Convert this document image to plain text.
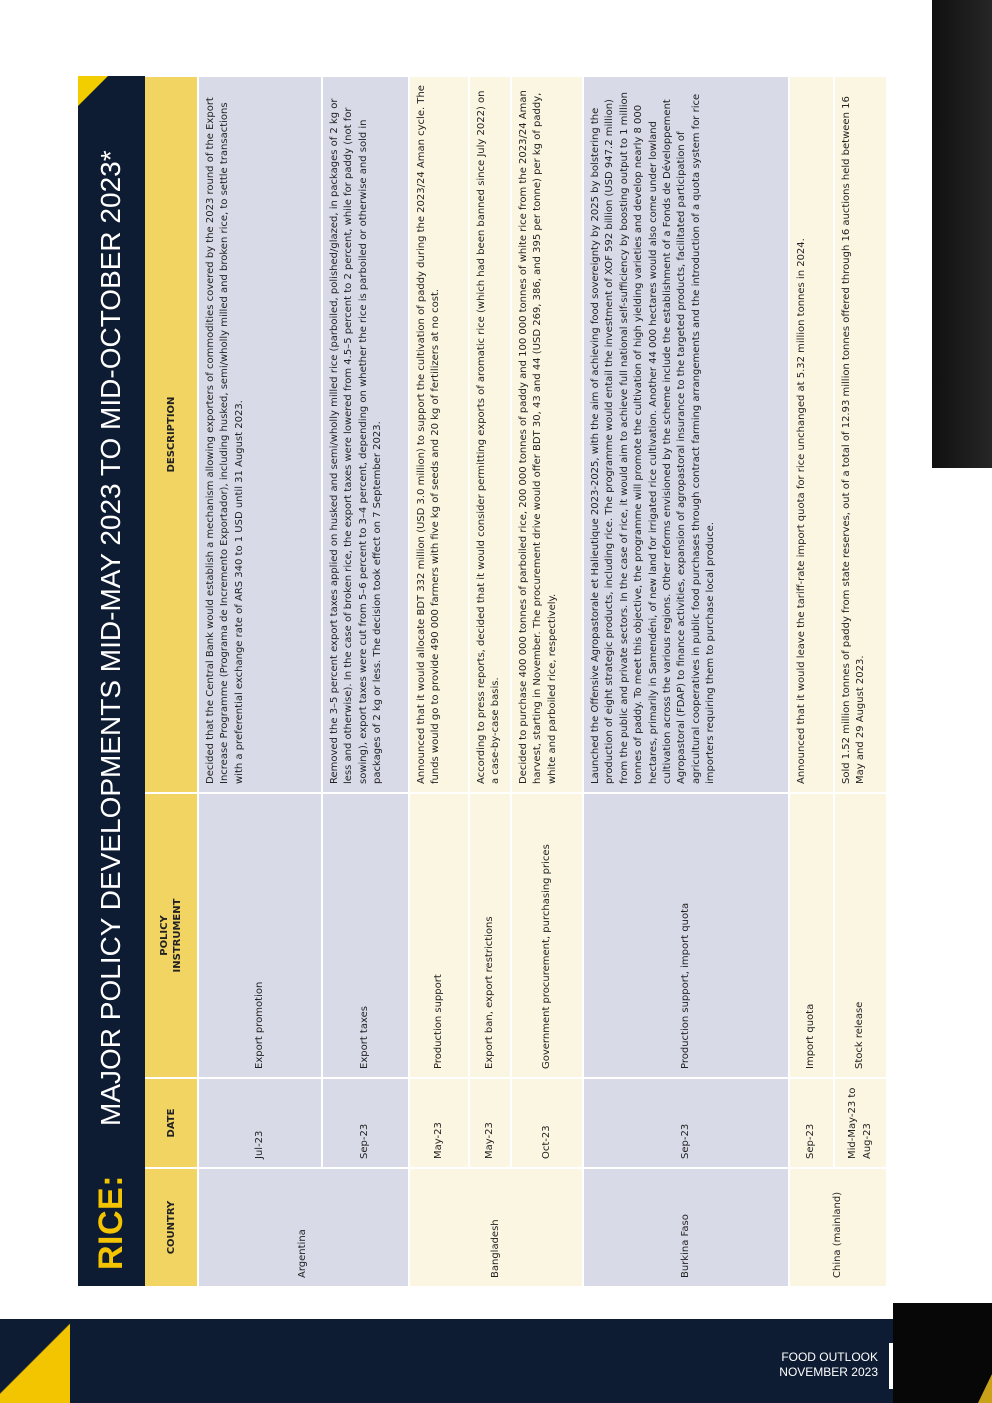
RICE:
MAJOR POLICY DEVELOPMENTS MID-MAY 2023 TO MID-OCTOBER 2023*
COUNTRY	DATE	POLICY INSTRUMENT	DESCRIPTION
Argentina	Jul-23	Export promotion	Decided that the Central Bank would establish a mechanism allowing exporters of commodities covered by the 2023 round of the Export Increase Programme (Programa de Incremento Exportador), including husked, semi/wholly milled and broken rice, to settle transactions with a preferential exchange rate of ARS 340 to 1 USD until 31 August 2023.
	Sep-23	Export taxes	Removed the 3–5 percent export taxes applied on husked and semi/wholly milled rice (parboiled, polished/glazed, in packages of 2 kg or less and otherwise). In the case of broken rice, the export taxes were lowered from 4.5–5 percent to 2 percent, while for paddy (not for sowing), export taxes were cut from 5–6 percent to 3–4 percent, depending on whether the rice is parboiled or otherwise and sold in packages of 2 kg or less. The decision took effect on 7 September 2023.
Bangladesh	May-23	Production support	Announced that it would allocate BDT 332 million (USD 3.0 million) to support the cultivation of paddy during the 2023/24 Aman cycle. The funds would go to provide 490 000 farmers with five kg of seeds and 20 kg of fertilizers at no cost.
	May-23	Export ban, export restrictions	According to press reports, decided that it would consider permitting exports of aromatic rice (which had been banned since July 2022) on a case-by-case basis.
	Oct-23	Government procurement, purchasing prices	Decided to purchase 400 000 tonnes of parboiled rice, 200 000 tonnes of paddy and 100 000 tonnes of white rice from the 2023/24 Aman harvest, starting in November. The procurement drive would offer BDT 30, 43 and 44 (USD 269, 386, and 395 per tonne) per kg of paddy, white and parboiled rice, respectively.
Burkina Faso	Sep-23	Production support, import quota	Launched the Offensive Agropastorale et Halieutique 2023-2025, with the aim of achieving food sovereignty by 2025 by bolstering the production of eight strategic products, including rice. The programme would entail the investment of XOF 592 billion (USD 947.2 million) from the public and private sectors. In the case of rice, it would aim to achieve full national self-sufficiency by boosting output to 1 million tonnes of paddy. To meet this objective, the programme will promote the cultivation of high yielding varieties and develop nearly 8 000 hectares, primarily in Samendéni, of new land for irrigated rice cultivation. Another 44 000 hectares would also come under lowland cultivation across the various regions. Other reforms envisioned by the scheme include the establishment of a Fonds de Développement Agropastoral (FDAP) to finance activities, expansion of agropastoral insurance to the targeted products, facilitated participation of agricultural cooperatives in public food purchases through contract farming arrangements and the introduction of a quota system for rice importers requiring them to purchase local produce.
China (mainland)	Sep-23	Import quota	Announced that it would leave the tariff-rate import quota for rice unchanged at 5.32 million tonnes in 2024.
	Mid-May-23 to Aug-23	Stock release	Sold 1.52 million tonnes of paddy from state reserves, out of a total of 12.93 million tonnes offered through 16 auctions held between 16 May and 29 August 2023.
FOOD OUTLOOK
NOVEMBER 2023
